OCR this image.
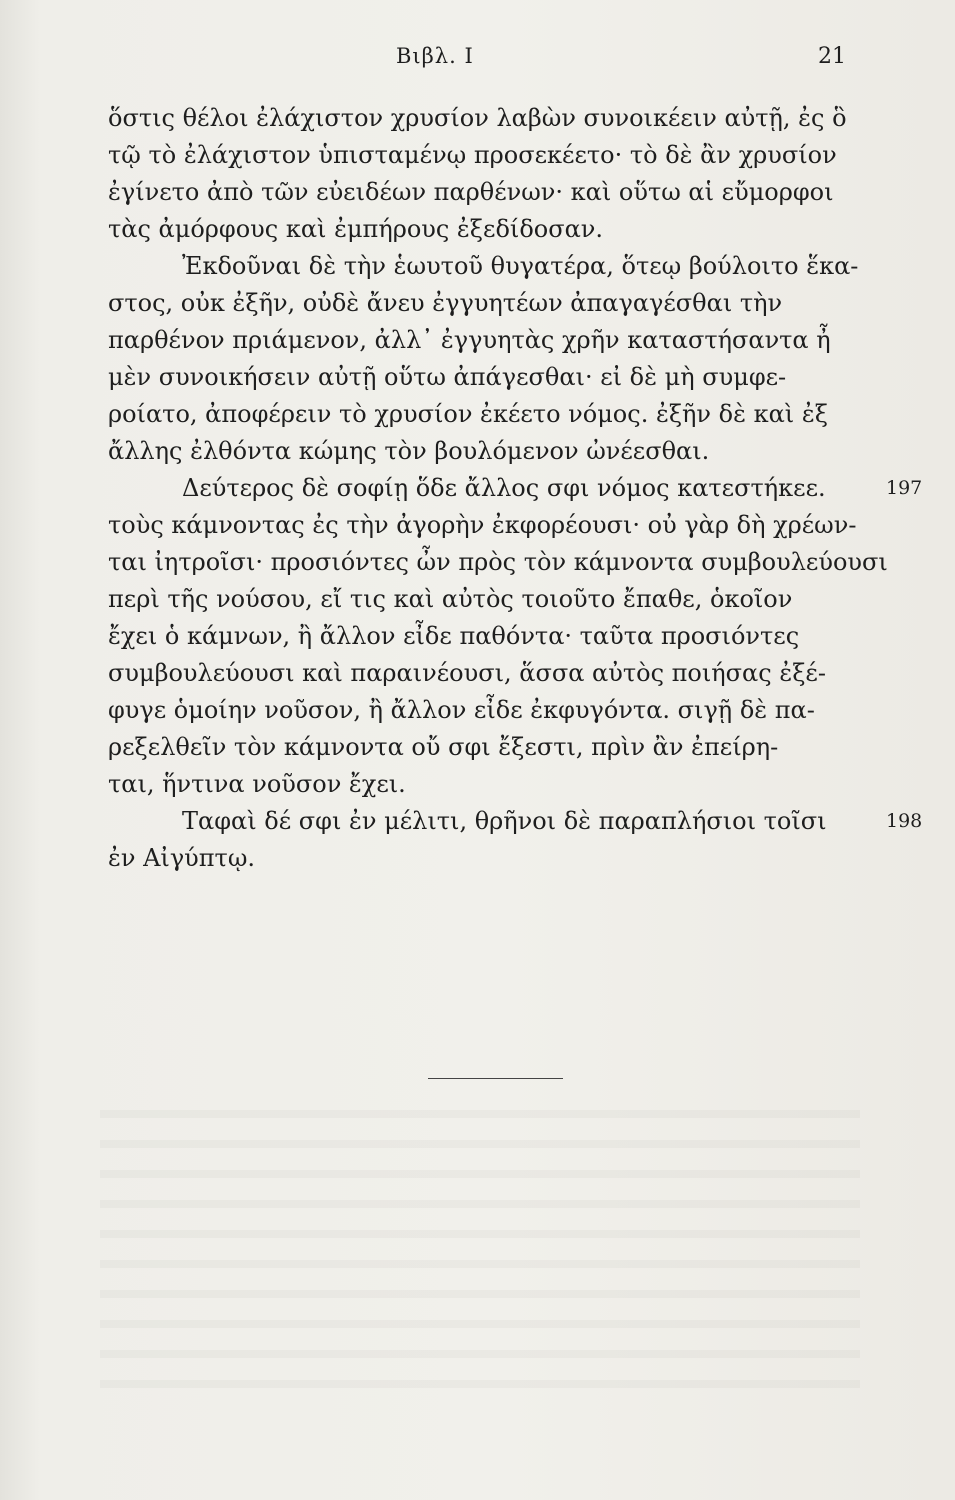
Βιβλ. Ι	21
ὅστις θέλοι ἐλάχιστον χρυσίον λαβὼν συνοικέειν αὐτῇ, ἐς ὃ
τῷ τὸ ἐλάχιστον ὑπισταμένῳ προσεκέετο· τὸ δὲ ἂν χρυσίον
ἐγίνετο ἀπὸ τῶν εὐειδέων παρθένων· καὶ οὕτω αἱ εὔμορφοι
τὰς ἀμόρφους καὶ ἐμπήρους ἐξεδίδοσαν.
Ἐκδοῦναι δὲ τὴν ἑωυτοῦ θυγατέρα, ὅτεῳ βούλοιτο ἕκα-
στος, οὐκ ἐξῆν, οὐδὲ ἄνευ ἐγγυητέων ἀπαγαγέσθαι τὴν
παρθένον πριάμενον, ἀλλ᾽ ἐγγυητὰς χρῆν καταστήσαντα ἦ
μὲν συνοικήσειν αὐτῇ οὕτω ἀπάγεσθαι· εἰ δὲ μὴ συμφε-
ροίατο, ἀποφέρειν τὸ χρυσίον ἐκέετο νόμος. ἐξῆν δὲ καὶ ἐξ
ἄλλης ἐλθόντα κώμης τὸν βουλόμενον ὠνέεσθαι.
Δεύτερος δὲ σοφίῃ ὅδε ἄλλος σφι νόμος κατεστήκεε.	197
τοὺς κάμνοντας ἐς τὴν ἀγορὴν ἐκφορέουσι· οὐ γὰρ δὴ χρέων-
ται ἰητροῖσι· προσιόντες ὦν πρὸς τὸν κάμνοντα συμβουλεύουσι
περὶ τῆς νούσου, εἴ τις καὶ αὐτὸς τοιοῦτο ἔπαθε, ὁκοῖον
ἔχει ὁ κάμνων, ἢ ἄλλον εἶδε παθόντα· ταῦτα προσιόντες
συμβουλεύουσι καὶ παραινέουσι, ἅσσα αὐτὸς ποιήσας ἐξέ-
φυγε ὁμοίην νοῦσον, ἢ ἄλλον εἶδε ἐκφυγόντα. σιγῇ δὲ πα-
ρεξελθεῖν τὸν κάμνοντα οὔ σφι ἔξεστι, πρὶν ἂν ἐπείρη-
ται, ἥντινα νοῦσον ἔχει.
Ταφαὶ δέ σφι ἐν μέλιτι, θρῆνοι δὲ παραπλήσιοι τοῖσι	198
ἐν Αἰγύπτῳ.
